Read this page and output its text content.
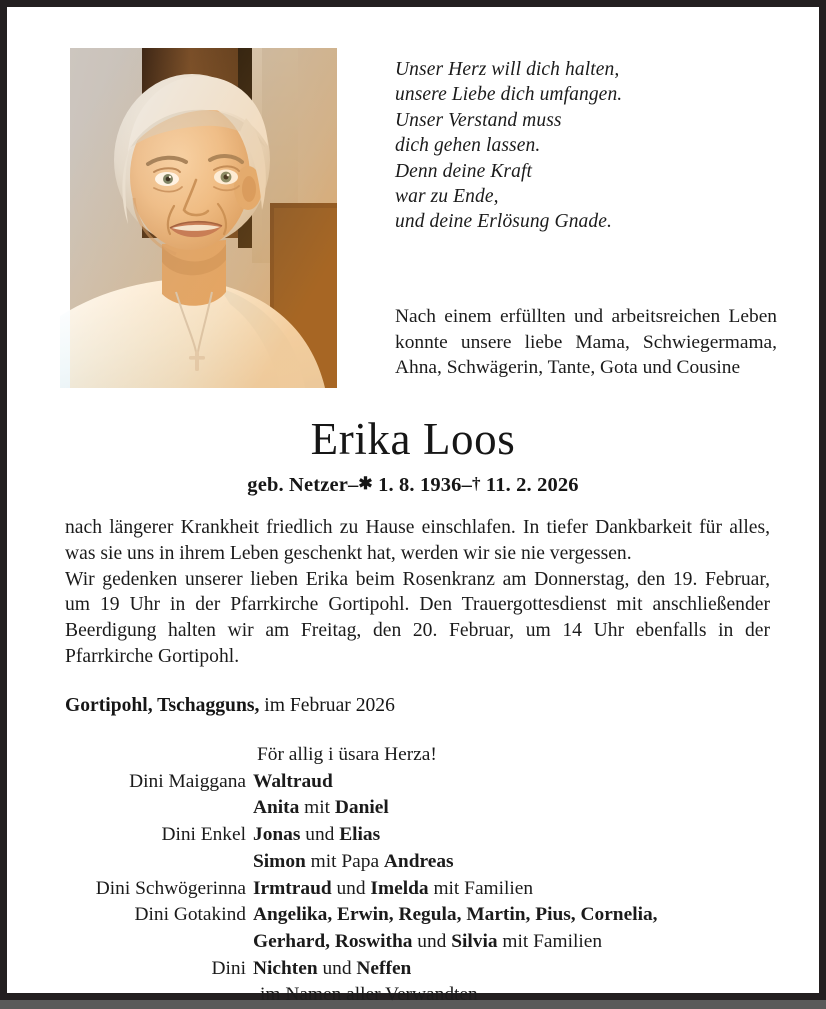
Unser Herz will dich halten,
unsere Liebe dich umfangen.
Unser Verstand muss
dich gehen lassen.
Denn deine Kraft
war zu Ende,
und deine Erlösung Gnade.
Nach einem erfüllten und arbeitsreichen Leben konnte unsere liebe Mama, Schwiegermama, Ahna, Schwägerin, Tante, Gota und Cousine
Erika Loos
geb. Netzer–✱ 1. 8. 1936–† 11. 2. 2026

nach längerer Krankheit friedlich zu Hause einschlafen. In tiefer Dankbarkeit für alles, was sie uns in ihrem Leben geschenkt hat, werden wir sie nie vergessen.

Wir gedenken unserer lieben Erika beim Rosenkranz am Donnerstag, den 19. Februar, um 19 Uhr in der Pfarrkirche Gortipohl. Den Trauergottesdienst mit anschließender Beerdigung halten wir am Freitag, den 20. Februar, um 14 Uhr ebenfalls in der Pfarrkirche Gortipohl.

Gortipohl, Tschagguns, im Februar 2026
För allig i üsara Herza!
Dini Maiggana Waltraud
Anita mit Daniel
Dini Enkel Jonas und Elias
Simon mit Papa Andreas
Dini Schwögerinna Irmtraud und Imelda mit Familien
Dini Gotakind Angelika, Erwin, Regula, Martin, Pius, Cornelia,
Gerhard, Roswitha und Silvia mit Familien
Dini Nichten und Neffen
im Namen aller Verwandten
